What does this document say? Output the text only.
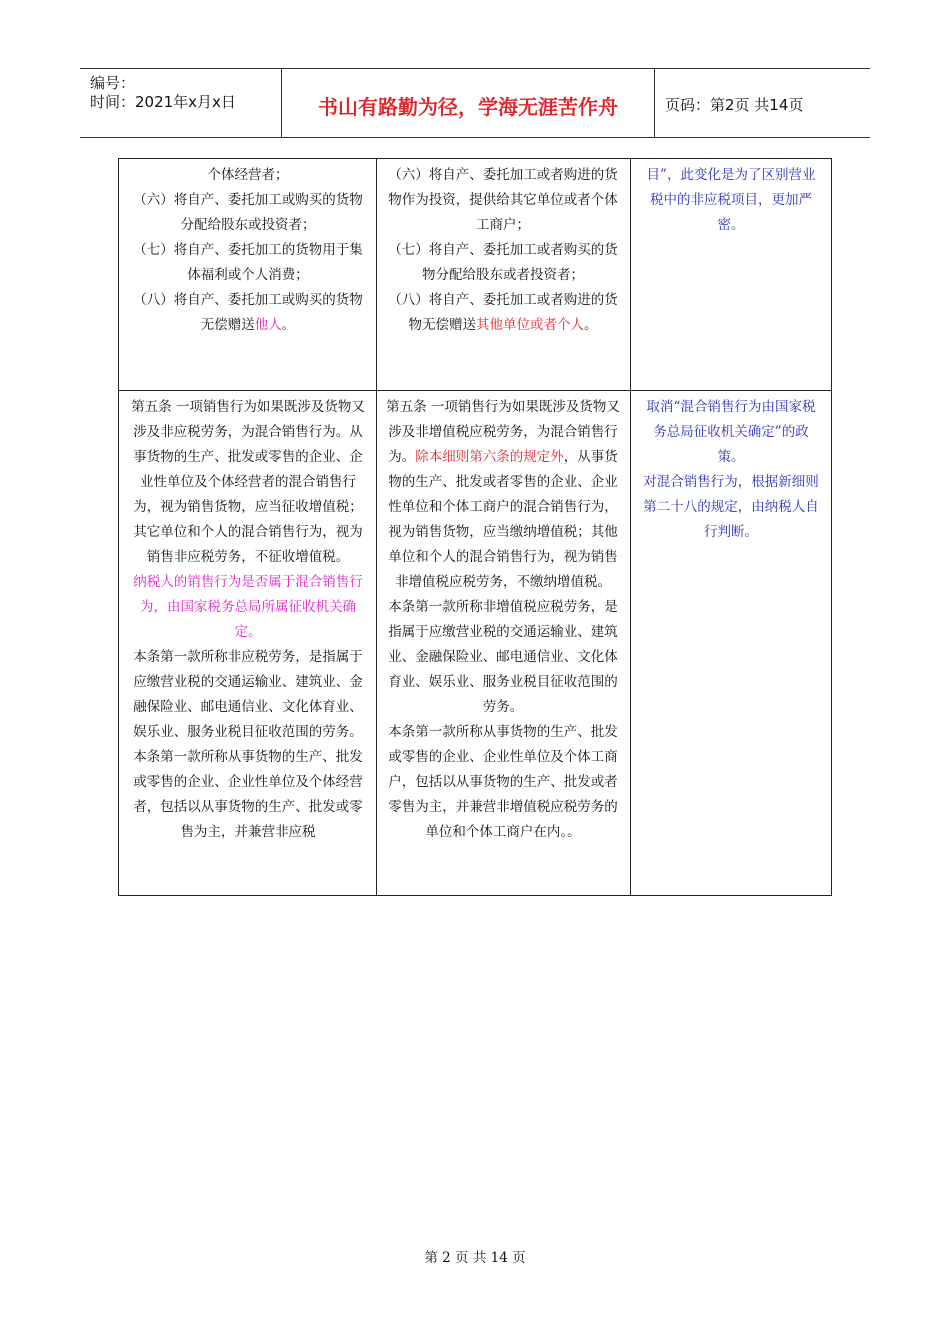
编号：
时间：2021年x月x日	书山有路勤为径，学海无涯苦作舟	页码：第2页 共14页

个体经营者；

（六）将自产、委托加工或购买的货物分配给股东或投资者；

（七）将自产、委托加工的货物用于集体福利或个人消费；

（八）将自产、委托加工或购买的货物无偿赠送他人。

（六）将自产、委托加工或者购进的货物作为投资，提供给其它单位或者个体工商户；

（七）将自产、委托加工或者购买的货物分配给股东或者投资者；

（八）将自产、委托加工或者购进的货物无偿赠送其他单位或者个人。

目”，此变化是为了区别营业税中的非应税项目，更加严密。

第五条 一项销售行为如果既涉及货物又涉及非应税劳务，为混合销售行为。从事货物的生产、批发或零售的企业、企业性单位及个体经营者的混合销售行为，视为销售货物，应当征收增值税；其它单位和个人的混合销售行为，视为销售非应税劳务，不征收增值税。

纳税人的销售行为是否属于混合销售行为，由国家税务总局所属征收机关确定。

本条第一款所称非应税劳务，是指属于应缴营业税的交通运输业、建筑业、金融保险业、邮电通信业、文化体育业、娱乐业、服务业税目征收范围的劳务。

本条第一款所称从事货物的生产、批发或零售的企业、企业性单位及个体经营者，包括以从事货物的生产、批发或零售为主，并兼营非应税

第五条 一项销售行为如果既涉及货物又涉及非增值税应税劳务，为混合销售行为。除本细则第六条的规定外，从事货物的生产、批发或者零售的企业、企业性单位和个体工商户的混合销售行为，视为销售货物，应当缴纳增值税；其他单位和个人的混合销售行为，视为销售非增值税应税劳务，不缴纳增值税。

本条第一款所称非增值税应税劳务，是指属于应缴营业税的交通运输业、建筑业、金融保险业、邮电通信业、文化体育业、娱乐业、服务业税目征收范围的劳务。

本条第一款所称从事货物的生产、批发或零售的企业、企业性单位及个体工商户，包括以从事货物的生产、批发或者零售为主，并兼营非增值税应税劳务的单位和个体工商户在内。。

取消“混合销售行为由国家税务总局征收机关确定”的政策。

对混合销售行为，根据新细则第二十八的规定，由纳税人自行判断。

第 2 页 共 14 页
